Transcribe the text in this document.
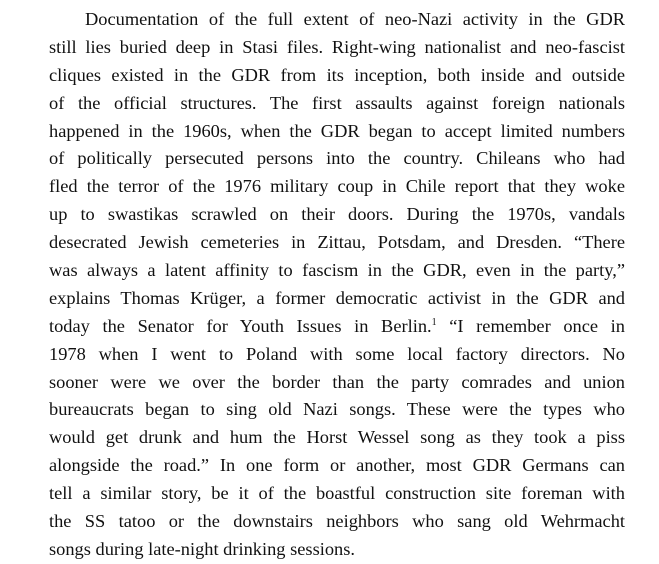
Documentation of the full extent of neo-Nazi activity in the GDR
still lies buried deep in Stasi files. Right-wing nationalist and neo-fascist
cliques existed in the GDR from its inception, both inside and outside
of the official structures. The first assaults against foreign nationals
happened in the 1960s, when the GDR began to accept limited numbers
of politically persecuted persons into the country. Chileans who had
fled the terror of the 1976 military coup in Chile report that they woke
up to swastikas scrawled on their doors. During the 1970s, vandals
desecrated Jewish cemeteries in Zittau, Potsdam, and Dresden. “There
was always a latent affinity to fascism in the GDR, even in the party,”
explains Thomas Krüger, a former democratic activist in the GDR and
today the Senator for Youth Issues in Berlin.$^1$ “I remember once in
1978 when I went to Poland with some local factory directors. No
sooner were we over the border than the party comrades and union
bureaucrats began to sing old Nazi songs. These were the types who
would get drunk and hum the Horst Wessel song as they took a piss
alongside the road.” In one form or another, most GDR Germans can
tell a similar story, be it of the boastful construction site foreman with
the SS tatoo or the downstairs neighbors who sang old Wehrmacht
songs during late-night drinking sessions.
